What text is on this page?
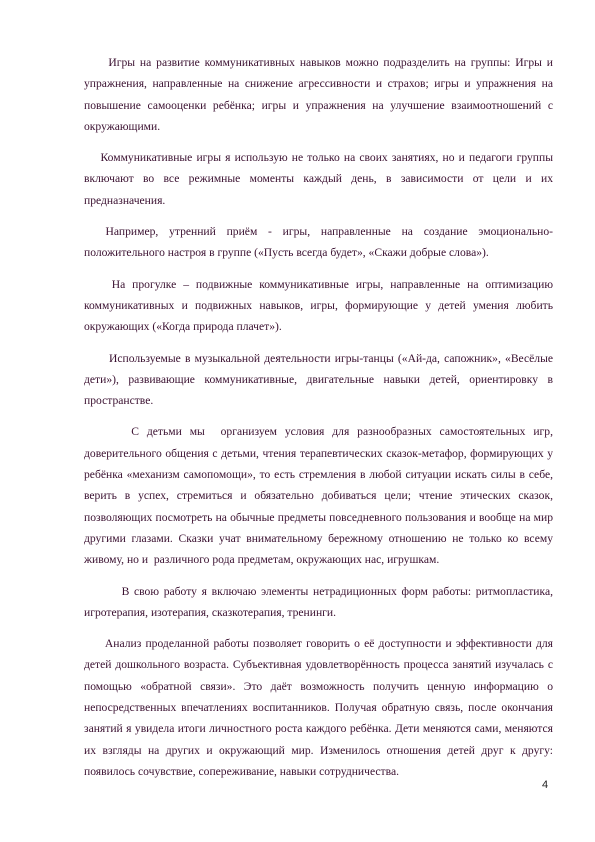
Игры на развитие коммуникативных навыков можно подразделить на группы: Игры и упражнения, направленные на снижение агрессивности и страхов; игры и упражнения на повышение самооценки ребёнка; игры и упражнения на улучшение взаимоотношений с окружающими.

Коммуникативные игры я использую не только на своих занятиях, но и педагоги группы включают во все режимные моменты каждый день, в зависимости от цели и их предназначения.

Например, утренний приём - игры, направленные на создание эмоционально-положительного настроя в группе («Пусть всегда будет», «Скажи добрые слова»).

На прогулке – подвижные коммуникативные игры, направленные на оптимизацию коммуникативных и подвижных навыков, игры, формирующие у детей умения любить окружающих («Когда природа плачет»).

Используемые в музыкальной деятельности игры-танцы («Ай-да, сапожник», «Весёлые дети»), развивающие коммуникативные, двигательные навыки детей, ориентировку в пространстве.

С детьми мы  организуем условия для разнообразных самостоятельных игр, доверительного общения с детьми, чтения терапевтических сказок-метафор, формирующих у ребёнка «механизм самопомощи», то есть стремления в любой ситуации искать силы в себе, верить в успех, стремиться и обязательно добиваться цели; чтение этических сказок, позволяющих посмотреть на обычные предметы повседневного пользования и вообще на мир другими глазами. Сказки учат внимательному бережному отношению не только ко всему живому, но и  различного рода предметам, окружающих нас, игрушкам.

В свою работу я включаю элементы нетрадиционных форм работы: ритмопластика, игротерапия, изотерапия, сказкотерапия, тренинги.

Анализ проделанной работы позволяет говорить о её доступности и эффективности для детей дошкольного возраста. Субъективная удовлетворённость процесса занятий изучалась с помощью «обратной связи». Это даёт возможность получить ценную информацию о непосредственных впечатлениях воспитанников. Получая обратную связь, после окончания занятий я увидела итоги личностного роста каждого ребёнка. Дети меняются сами, меняются их взгляды на других и окружающий мир. Изменилось отношения детей друг к другу: появилось сочувствие, сопереживание, навыки сотрудничества.

4
